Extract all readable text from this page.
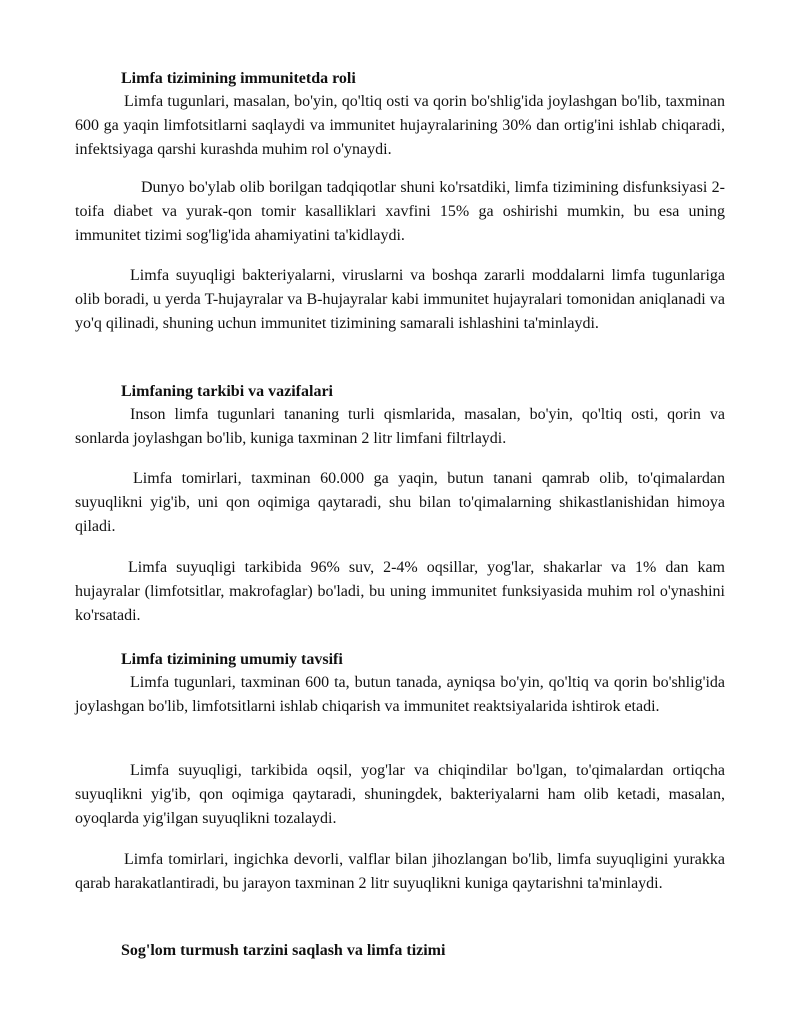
Limfa tizimining immunitetda roli

Limfa tugunlari, masalan, bo'yin, qo'ltiq osti va qorin bo'shlig'ida joylashgan bo'lib, taxminan 600 ga yaqin limfotsitlarni saqlaydi va immunitet hujayralarining 30% dan ortig'ini ishlab chiqaradi, infektsiyaga qarshi kurashda muhim rol o'ynaydi.

Dunyo bo'ylab olib borilgan tadqiqotlar shuni ko'rsatdiki, limfa tizimining disfunksiyasi 2-toifa diabet va yurak-qon tomir kasalliklari xavfini 15% ga oshirishi mumkin, bu esa uning immunitet tizimi sog'lig'ida ahamiyatini ta'kidlaydi.

Limfa suyuqligi bakteriyalarni, viruslarni va boshqa zararli moddalarni limfa tugunlariga olib boradi, u yerda T-hujayralar va B-hujayralar kabi immunitet hujayralari tomonidan aniqlanadi va yo'q qilinadi, shuning uchun immunitet tizimining samarali ishlashini ta'minlaydi.

Limfaning tarkibi va vazifalari

Inson limfa tugunlari tananing turli qismlarida, masalan, bo'yin, qo'ltiq osti, qorin va sonlarda joylashgan bo'lib, kuniga taxminan 2 litr limfani filtrlaydi.

Limfa tomirlari, taxminan 60.000 ga yaqin, butun tanani qamrab olib, to'qimalardan suyuqlikni yig'ib, uni qon oqimiga qaytaradi, shu bilan to'qimalarning shikastlanishidan himoya qiladi.

Limfa suyuqligi tarkibida 96% suv, 2-4% oqsillar, yog'lar, shakarlar va 1% dan kam hujayralar (limfotsitlar, makrofaglar) bo'ladi, bu uning immunitet funksiyasida muhim rol o'ynashini ko'rsatadi.

Limfa tizimining umumiy tavsifi

Limfa tugunlari, taxminan 600 ta, butun tanada, ayniqsa bo'yin, qo'ltiq va qorin bo'shlig'ida joylashgan bo'lib, limfotsitlarni ishlab chiqarish va immunitet reaktsiyalarida ishtirok etadi.

Limfa suyuqligi, tarkibida oqsil, yog'lar va chiqindilar bo'lgan, to'qimalardan ortiqcha suyuqlikni yig'ib, qon oqimiga qaytaradi, shuningdek, bakteriyalarni ham olib ketadi, masalan, oyoqlarda yig'ilgan suyuqlikni tozalaydi.

Limfa tomirlari, ingichka devorli, valflar bilan jihozlangan bo'lib, limfa suyuqligini yurakka qarab harakatlantiradi, bu jarayon taxminan 2 litr suyuqlikni kuniga qaytarishni ta'minlaydi.

Sog'lom turmush tarzini saqlash va limfa tizimi
